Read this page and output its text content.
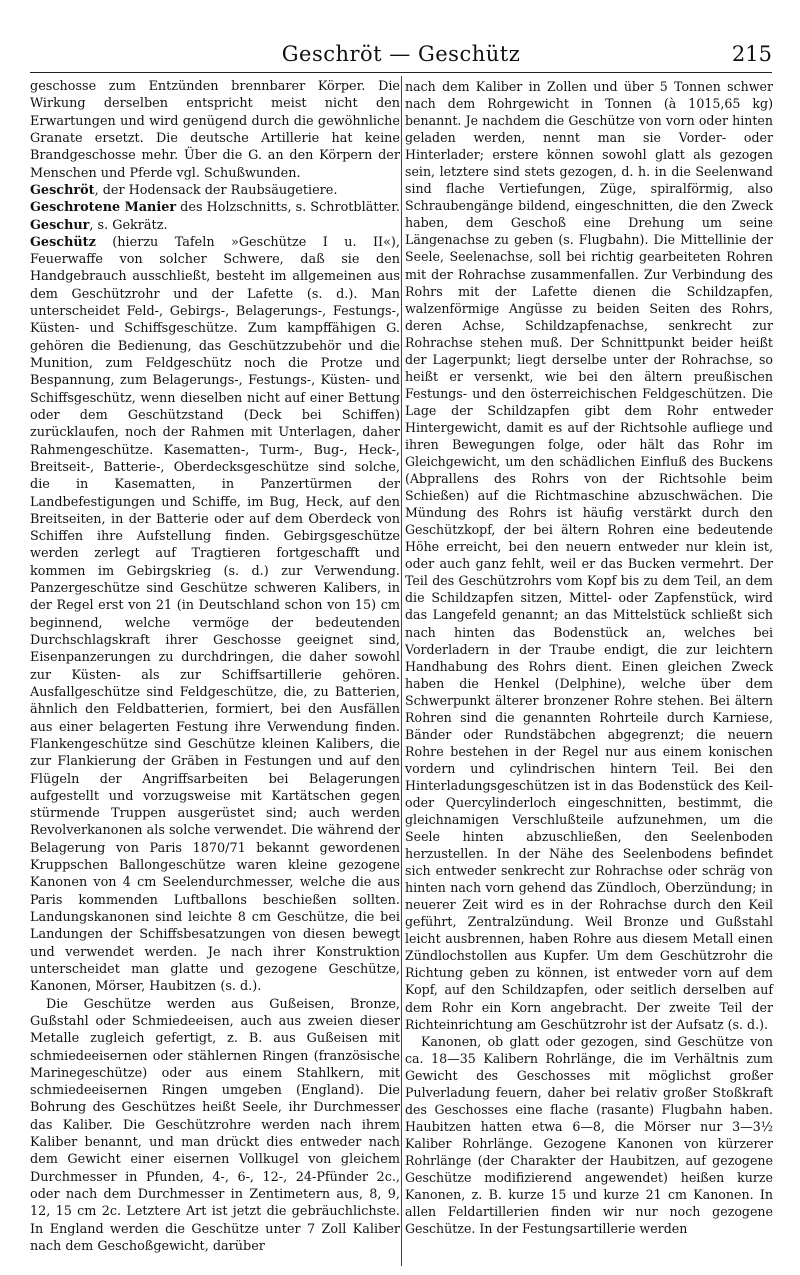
Geschröt — Geschütz	215

geschosse zum Entzünden brennbarer Körper. Die Wirkung derselben entspricht meist nicht den Erwartungen und wird genügend durch die gewöhnliche Granate ersetzt. Die deutsche Artillerie hat keine Brandgeschosse mehr. Über die G. an den Körpern der Menschen und Pferde vgl. Schußwunden.

Geschröt, der Hodensack der Raubsäugetiere.

Geschrotene Manier des Holzschnitts, s. Schrotblätter.

Geschur, s. Gekrätz.

Geschütz (hierzu Tafeln »Geschütze I u. II«), Feuerwaffe von solcher Schwere, daß sie den Handgebrauch ausschließt, besteht im allgemeinen aus dem Geschützrohr und der Lafette (s. d.). Man unterscheidet Feld-, Gebirgs-, Belagerungs-, Festungs-, Küsten- und Schiffsgeschütze. Zum kampffähigen G. gehören die Bedienung, das Geschützzubehör und die Munition, zum Feldgeschütz noch die Protze und Bespannung, zum Belagerungs-, Festungs-, Küsten- und Schiffsgeschütz, wenn dieselben nicht auf einer Bettung oder dem Geschützstand (Deck bei Schiffen) zurücklaufen, noch der Rahmen mit Unterlagen, daher Rahmengeschütze. Kasematten-, Turm-, Bug-, Heck-, Breitseit-, Batterie-, Oberdecksgeschütze sind solche, die in Kasematten, in Panzertürmen der Landbefestigungen und Schiffe, im Bug, Heck, auf den Breitseiten, in der Batterie oder auf dem Oberdeck von Schiffen ihre Aufstellung finden. Gebirgsgeschütze werden zerlegt auf Tragtieren fortgeschafft und kommen im Gebirgskrieg (s. d.) zur Verwendung. Panzergeschütze sind Geschütze schweren Kalibers, in der Regel erst von 21 (in Deutschland schon von 15) cm beginnend, welche vermöge der bedeutenden Durchschlagskraft ihrer Geschosse geeignet sind, Eisenpanzerungen zu durchdringen, die daher sowohl zur Küsten- als zur Schiffsartillerie gehören. Ausfallgeschütze sind Feldgeschütze, die, zu Batterien, ähnlich den Feldbatterien, formiert, bei den Ausfällen aus einer belagerten Festung ihre Verwendung finden. Flankengeschütze sind Geschütze kleinen Kalibers, die zur Flankierung der Gräben in Festungen und auf den Flügeln der Angriffsarbeiten bei Belagerungen aufgestellt und vorzugsweise mit Kartätschen gegen stürmende Truppen ausgerüstet sind; auch werden Revolverkanonen als solche verwendet. Die während der Belagerung von Paris 1870/71 bekannt gewordenen Kruppschen Ballongeschütze waren kleine gezogene Kanonen von 4 cm Seelendurchmesser, welche die aus Paris kommenden Luftballons beschießen sollten. Landungskanonen sind leichte 8 cm Geschütze, die bei Landungen der Schiffsbesatzungen von diesen bewegt und verwendet werden. Je nach ihrer Konstruktion unterscheidet man glatte und gezogene Geschütze, Kanonen, Mörser, Haubitzen (s. d.).

Die Geschütze werden aus Gußeisen, Bronze, Gußstahl oder Schmiedeeisen, auch aus zweien dieser Metalle zugleich gefertigt, z. B. aus Gußeisen mit schmiedeeisernen oder stählernen Ringen (französische Marinegeschütze) oder aus einem Stahlkern, mit schmiedeeisernen Ringen umgeben (England). Die Bohrung des Geschützes heißt Seele, ihr Durchmesser das Kaliber. Die Geschützrohre werden nach ihrem Kaliber benannt, und man drückt dies entweder nach dem Gewicht einer eisernen Vollkugel von gleichem Durchmesser in Pfunden, 4-, 6-, 12-, 24-Pfünder 2c., oder nach dem Durchmesser in Zentimetern aus, 8, 9, 12, 15 cm 2c. Letztere Art ist jetzt die gebräuchlichste. In England werden die Geschütze unter 7 Zoll Kaliber nach dem Geschoßgewicht, darüber

nach dem Kaliber in Zollen und über 5 Tonnen schwer nach dem Rohrgewicht in Tonnen (à 1015,65 kg) benannt. Je nachdem die Geschütze von vorn oder hinten geladen werden, nennt man sie Vorder- oder Hinterlader; erstere können sowohl glatt als gezogen sein, letztere sind stets gezogen, d. h. in die Seelenwand sind flache Vertiefungen, Züge, spiralförmig, also Schraubengänge bildend, eingeschnitten, die den Zweck haben, dem Geschoß eine Drehung um seine Längenachse zu geben (s. Flugbahn). Die Mittellinie der Seele, Seelenachse, soll bei richtig gearbeiteten Rohren mit der Rohrachse zusammenfallen. Zur Verbindung des Rohrs mit der Lafette dienen die Schildzapfen, walzenförmige Angüsse zu beiden Seiten des Rohrs, deren Achse, Schildzapfenachse, senkrecht zur Rohrachse stehen muß. Der Schnittpunkt beider heißt der Lagerpunkt; liegt derselbe unter der Rohrachse, so heißt er versenkt, wie bei den ältern preußischen Festungs- und den österreichischen Feldgeschützen. Die Lage der Schildzapfen gibt dem Rohr entweder Hintergewicht, damit es auf der Richtsohle aufliege und ihren Bewegungen folge, oder hält das Rohr im Gleichgewicht, um den schädlichen Einfluß des Buckens (Abprallens des Rohrs von der Richtsohle beim Schießen) auf die Richtmaschine abzuschwächen. Die Mündung des Rohrs ist häufig verstärkt durch den Geschützkopf, der bei ältern Rohren eine bedeutende Höhe erreicht, bei den neuern entweder nur klein ist, oder auch ganz fehlt, weil er das Bucken vermehrt. Der Teil des Geschützrohrs vom Kopf bis zu dem Teil, an dem die Schildzapfen sitzen, Mittel- oder Zapfenstück, wird das Langefeld genannt; an das Mittelstück schließt sich nach hinten das Bodenstück an, welches bei Vorderladern in der Traube endigt, die zur leichtern Handhabung des Rohrs dient. Einen gleichen Zweck haben die Henkel (Delphine), welche über dem Schwerpunkt älterer bronzener Rohre stehen. Bei ältern Rohren sind die genannten Rohrteile durch Karniese, Bänder oder Rundstäbchen abgegrenzt; die neuern Rohre bestehen in der Regel nur aus einem konischen vordern und cylindrischen hintern Teil. Bei den Hinterladungsgeschützen ist in das Bodenstück des Keil- oder Quercylinderloch eingeschnitten, bestimmt, die gleichnamigen Verschlußteile aufzunehmen, um die Seele hinten abzuschließen, den Seelenboden herzustellen. In der Nähe des Seelenbodens befindet sich entweder senkrecht zur Rohrachse oder schräg von hinten nach vorn gehend das Zündloch, Oberzündung; in neuerer Zeit wird es in der Rohrachse durch den Keil geführt, Zentralzündung. Weil Bronze und Gußstahl leicht ausbrennen, haben Rohre aus diesem Metall einen Zündlochstollen aus Kupfer. Um dem Geschützrohr die Richtung geben zu können, ist entweder vorn auf dem Kopf, auf den Schildzapfen, oder seitlich derselben auf dem Rohr ein Korn angebracht. Der zweite Teil der Richteinrichtung am Geschützrohr ist der Aufsatz (s. d.).

Kanonen, ob glatt oder gezogen, sind Geschütze von ca. 18—35 Kalibern Rohrlänge, die im Verhältnis zum Gewicht des Geschosses mit möglichst großer Pulverladung feuern, daher bei relativ großer Stoßkraft des Geschosses eine flache (rasante) Flugbahn haben. Haubitzen hatten etwa 6—8, die Mörser nur 3—3½ Kaliber Rohrlänge. Gezogene Kanonen von kürzerer Rohrlänge (der Charakter der Haubitzen, auf gezogene Geschütze modifizierend angewendet) heißen kurze Kanonen, z. B. kurze 15 und kurze 21 cm Kanonen. In allen Feldartillerien finden wir nur noch gezogene Geschütze. In der Festungsartillerie werden
